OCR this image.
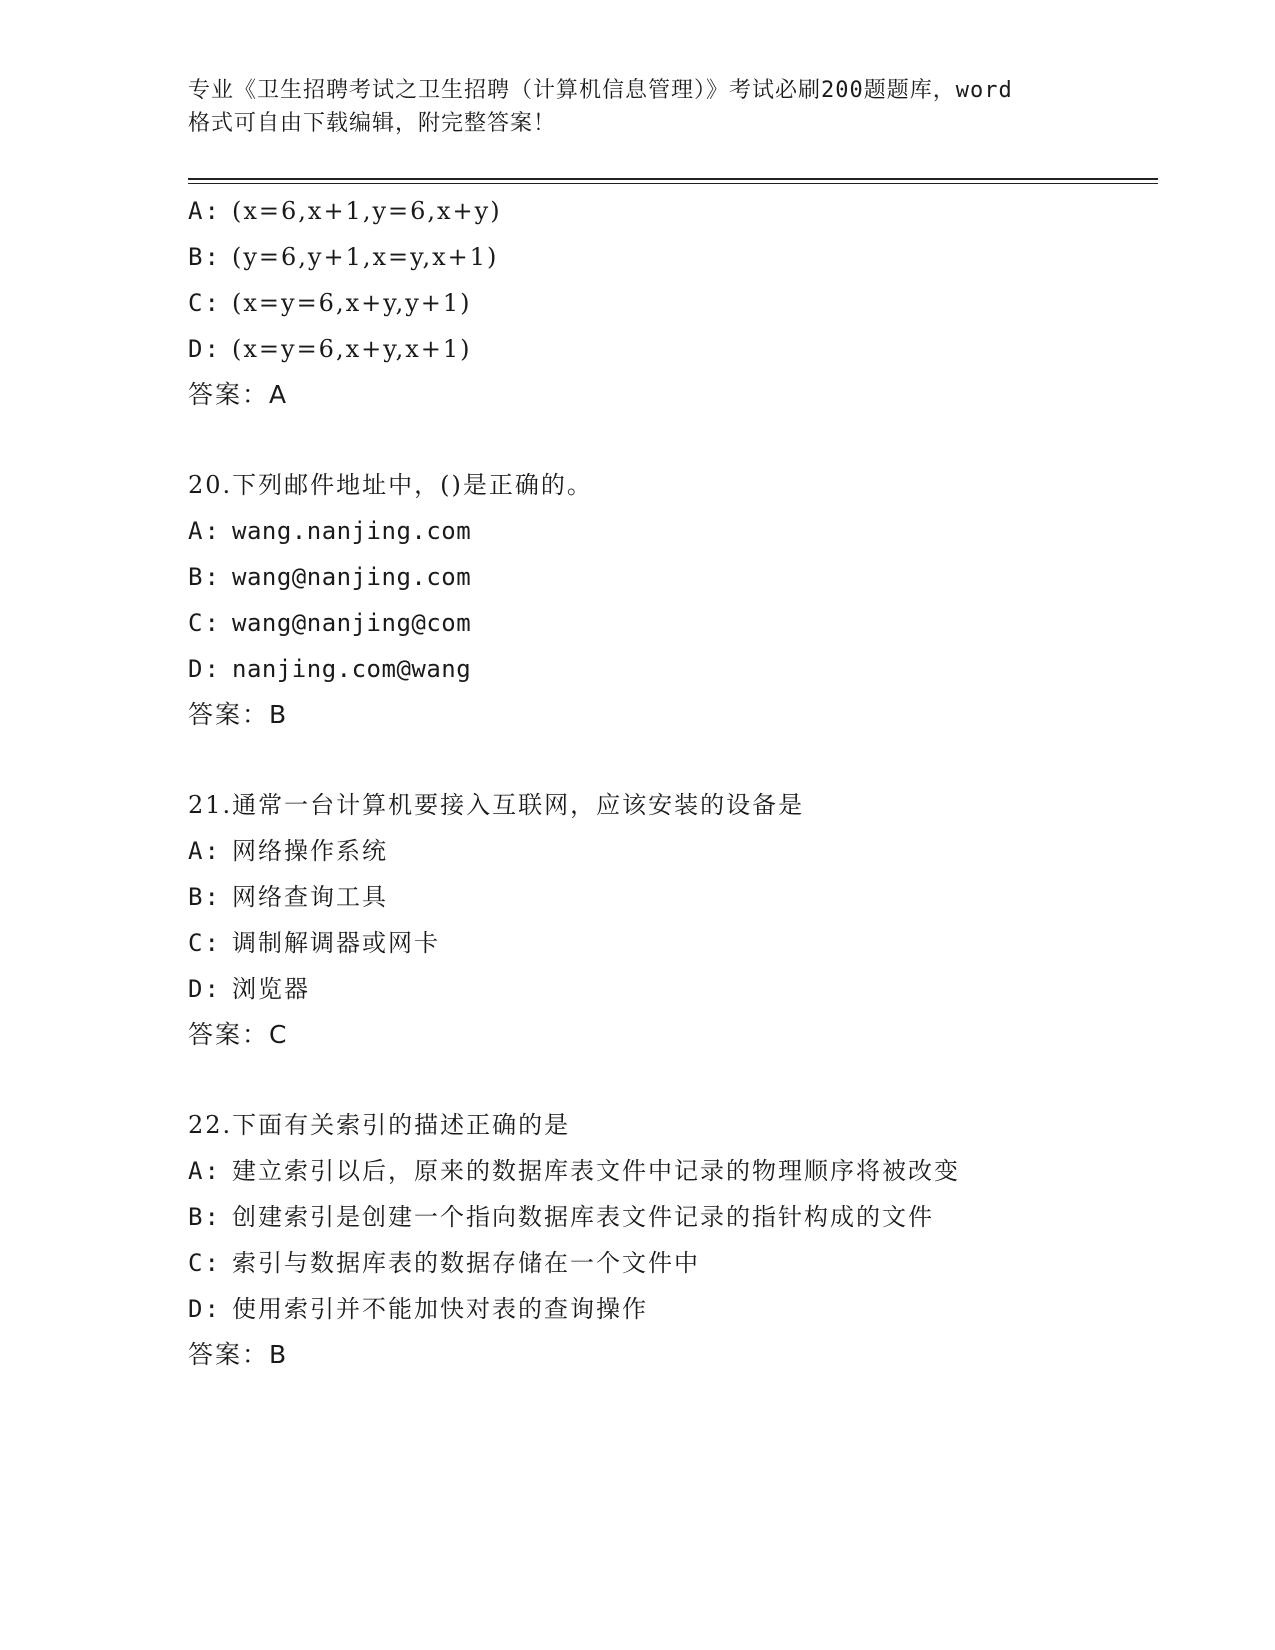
专业《卫生招聘考试之卫生招聘（计算机信息管理）》考试必刷200题题库，word
格式可自由下载编辑，附完整答案！
A: (x=6,x+1,y=6,x+y)
B: (y=6,y+1,x=y,x+1)
C: (x=y=6,x+y,y+1)
D: (x=y=6,x+y,x+1)
答案：A
20.下列邮件地址中，()是正确的。
A: wang.nanjing.com
B: wang@nanjing.com
C: wang@nanjing@com
D: nanjing.com@wang
答案：B
21.通常一台计算机要接入互联网，应该安装的设备是
A: 网络操作系统
B: 网络查询工具
C: 调制解调器或网卡
D: 浏览器
答案：C
22.下面有关索引的描述正确的是
A: 建立索引以后，原来的数据库表文件中记录的物理顺序将被改变
B: 创建索引是创建一个指向数据库表文件记录的指针构成的文件
C: 索引与数据库表的数据存储在一个文件中
D: 使用索引并不能加快对表的查询操作
答案：B
